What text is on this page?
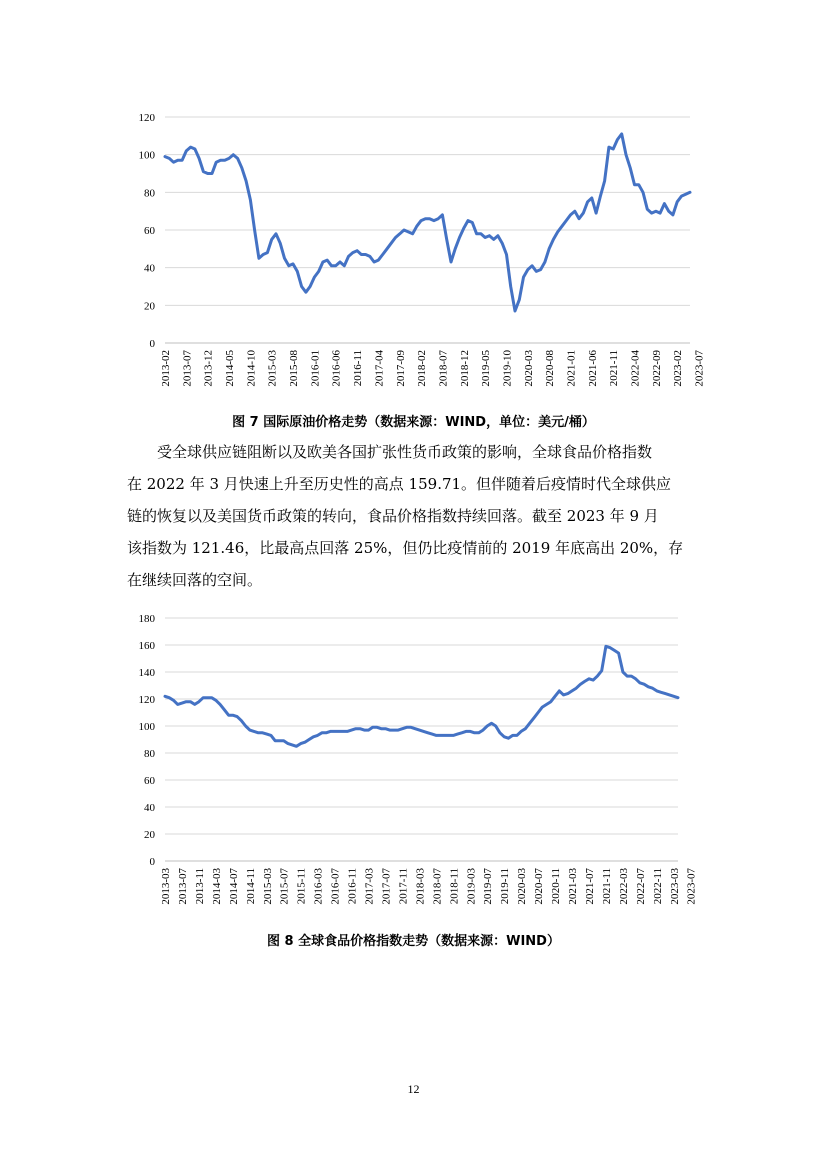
0
20
40
60
80
100
120
2013-02 2013-07 2013-12 2014-05 2014-10 2015-03 2015-08 2016-01 2016-06 2016-11 2017-04 2017-09 2018-02 2018-07 2018-12 2019-05 2019-10 2020-03 2020-08 2021-01 2021-06 2021-11 2022-04 2022-09 2023-02 2023-07
图 7 国际原油价格走势（数据来源：WIND，单位：美元/桶）
受全球供应链阻断以及欧美各国扩张性货币政策的影响，全球食品价格指数
在 2022 年 3 月快速上升至历史性的高点 159.71。但伴随着后疫情时代全球供应
链的恢复以及美国货币政策的转向，食品价格指数持续回落。截至 2023 年 9 月
该指数为 121.46，比最高点回落 25%，但仍比疫情前的 2019 年底高出 20%，存
在继续回落的空间。
0
20
40
60
80
100
120
140
160
180
2013-03 2013-07 2013-11 2014-03 2014-07 2014-11 2015-03 2015-07 2015-11 2016-03 2016-07 2016-11 2017-03 2017-07 2017-11 2018-03 2018-07 2018-11 2019-03 2019-07 2019-11 2020-03 2020-07 2020-11 2021-03 2021-07 2021-11 2022-03 2022-07 2022-11 2023-03 2023-07
图 8 全球食品价格指数走势（数据来源：WIND）
12
